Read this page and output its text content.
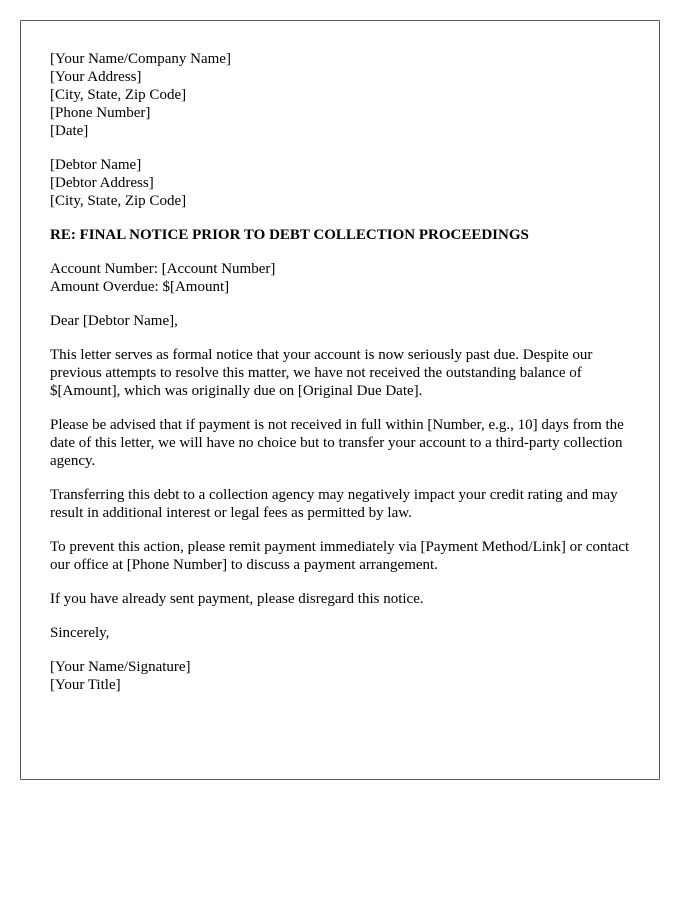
[Your Name/Company Name]
[Your Address]
[City, State, Zip Code]
[Phone Number]
[Date]
[Debtor Name]
[Debtor Address]
[City, State, Zip Code]
RE: FINAL NOTICE PRIOR TO DEBT COLLECTION PROCEEDINGS
Account Number: [Account Number]
Amount Overdue: $[Amount]
Dear [Debtor Name],
This letter serves as formal notice that your account is now seriously past due. Despite our previous attempts to resolve this matter, we have not received the outstanding balance of $[Amount], which was originally due on [Original Due Date].
Please be advised that if payment is not received in full within [Number, e.g., 10] days from the date of this letter, we will have no choice but to transfer your account to a third-party collection agency.
Transferring this debt to a collection agency may negatively impact your credit rating and may result in additional interest or legal fees as permitted by law.
To prevent this action, please remit payment immediately via [Payment Method/Link] or contact our office at [Phone Number] to discuss a payment arrangement.
If you have already sent payment, please disregard this notice.
Sincerely,
[Your Name/Signature]
[Your Title]
